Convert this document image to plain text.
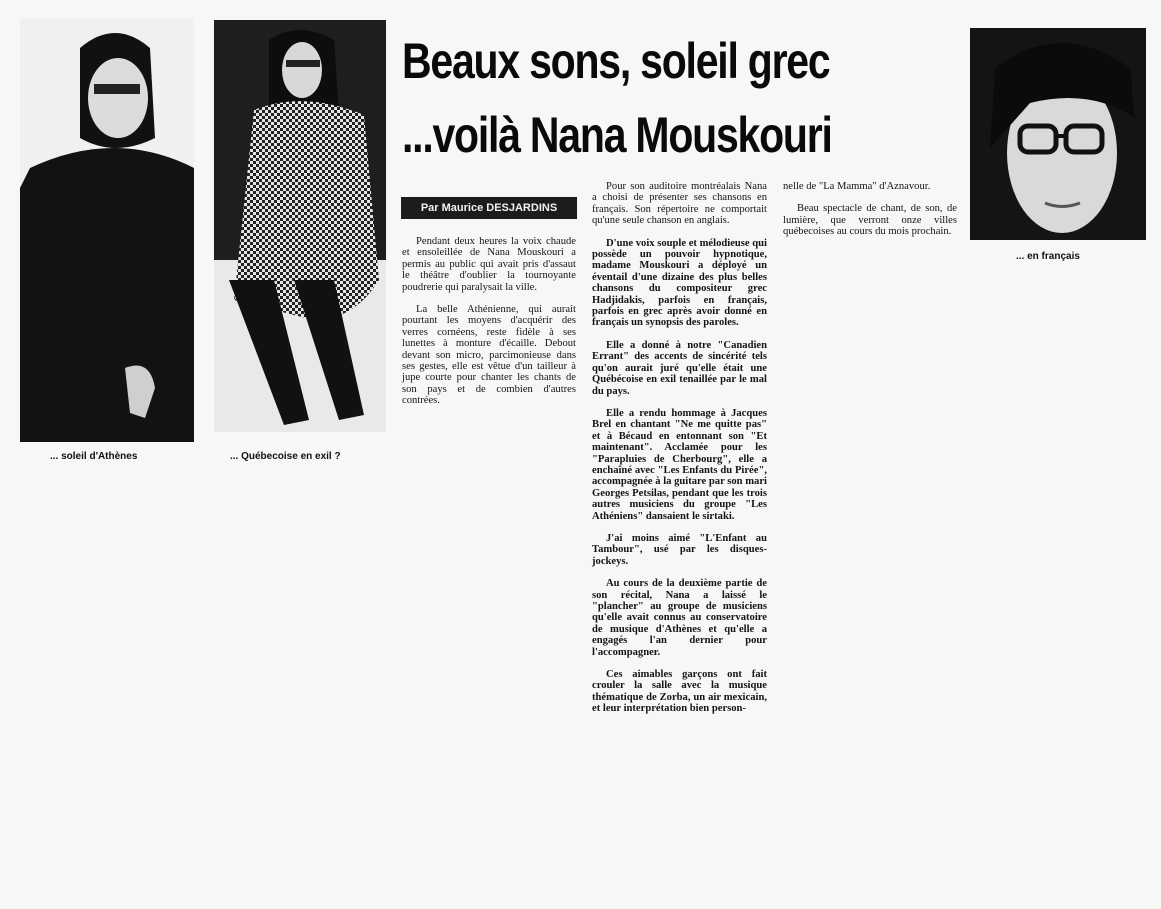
... soleil d'Athènes	... Québecoise en exil ?
... en français
Beaux sons, soleil grec
...voilà Nana Mouskouri
Par Maurice DESJARDINS

Pendant deux heures la voix chaude et ensoleillée de Nana Mouskouri a permis au public qui avait pris d'assaut le théâtre d'oublier la tournoyante poudrerie qui paralysait la ville.

La belle Athénienne, qui aurait pourtant les moyens d'acquérir des verres cornéens, reste fidèle à ses lunettes à monture d'écaille. Debout devant son micro, parcimonieuse dans ses gestes, elle est vêtue d'un tailleur à jupe courte pour chanter les chants de son pays et de combien d'autres contrées.

Pour son auditoire montréalais Nana a choisi de présenter ses chansons en français. Son répertoire ne comportait qu'une seule chanson en anglais.

D'une voix souple et mélodieuse qui possède un pouvoir hypnotique, madame Mouskouri a déployé un éventail d'une dizaine des plus belles chansons du compositeur grec Hadjidakis, parfois en français, parfois en grec après avoir donné en français un synopsis des paroles.

Elle a donné à notre "Canadien Errant" des accents de sincérité tels qu'on aurait juré qu'elle était une Québécoise en exil tenaillée par le mal du pays.

Elle a rendu hommage à Jacques Brel en chantant "Ne me quitte pas" et à Bécaud en entonnant son "Et maintenant". Acclamée pour les "Parapluies de Cherbourg", elle a enchaîné avec "Les Enfants du Pirée", accompagnée à la guitare par son mari Georges Petsilas, pendant que les trois autres musiciens du groupe "Les Athéniens" dansaient le sirtaki.

J'ai moins aimé "L'Enfant au Tambour", usé par les disques-jockeys.

Au cours de la deuxième partie de son récital, Nana a laissé le "plancher" au groupe de musiciens qu'elle avait connus au conservatoire de musique d'Athènes et qu'elle a engagés l'an dernier pour l'accompagner.

Ces aimables garçons ont fait crouler la salle avec la musique thématique de Zorba, un air mexicain, et leur interprétation bien person-

nelle de "La Mamma" d'Aznavour.

Beau spectacle de chant, de son, de lumière, que verront onze villes québecoises au cours du mois prochain.
